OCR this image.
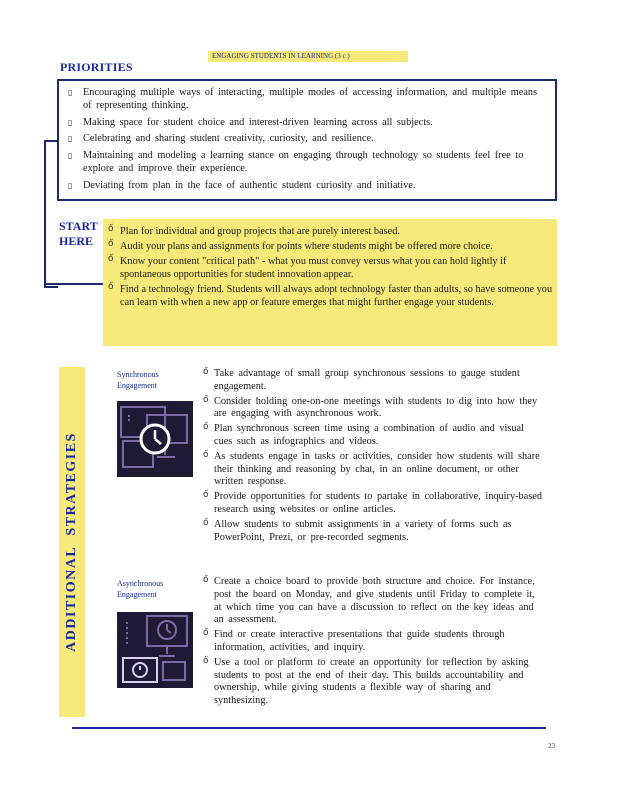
ENGAGING STUDENTS IN LEARNING (3 c )
PRIORITIES
▯ Encouraging multiple ways of interacting, multiple modes of accessing information, and multiple means of representing thinking.
▯ Making space for student choice and interest-driven learning across all subjects.
▯ Celebrating and sharing student creativity, curiosity, and resilience.
▯ Maintaining and modeling a learning stance on engaging through technology so students feel free to explore and improve their experience.
▯ Deviating from plan in the face of authentic student curiosity and initiative.
START
HERE
ő Plan for individual and group projects that are purely interest based.
ő Audit your plans and assignments for points where students might be offered more choice.
ő Know your content "critical path" - what you must convey versus what you can hold lightly if spontaneous opportunities for student innovation appear.
ő Find a technology friend. Students will always adopt technology faster than adults, so have someone you can learn with when a new app or feature emerges that might further engage your students.
ADDITIONAL STRATEGIES
Synchronous Engagement
ő Take advantage of small group synchronous sessions to gauge student engagement.
ő Consider holding one-on-one meetings with students to dig into how they are engaging with asynchronous work.
ő Plan synchronous screen time using a combination of audio and visual cues such as infographics and videos.
ő As students engage in tasks or activities, consider how students will share their thinking and reasoning by chat, in an online document, or other written response.
ő Provide opportunities for students to partake in collaborative, inquiry-based research using websites or online articles.
ő Allow students to submit assignments in a variety of forms such as PowerPoint, Prezi, or pre-recorded segments.
Asynchronous Engagement
ő Create a choice board to provide both structure and choice. For instance, post the board on Monday, and give students until Friday to complete it, at which time you can have a discussion to reflect on the key ideas and an assessment.
ő Find or create interactive presentations that guide students through information, activities, and inquiry.
ő Use a tool or platform to create an opportunity for reflection by asking students to post at the end of their day. This builds accountability and ownership, while giving students a flexible way of sharing and synthesizing.
23
